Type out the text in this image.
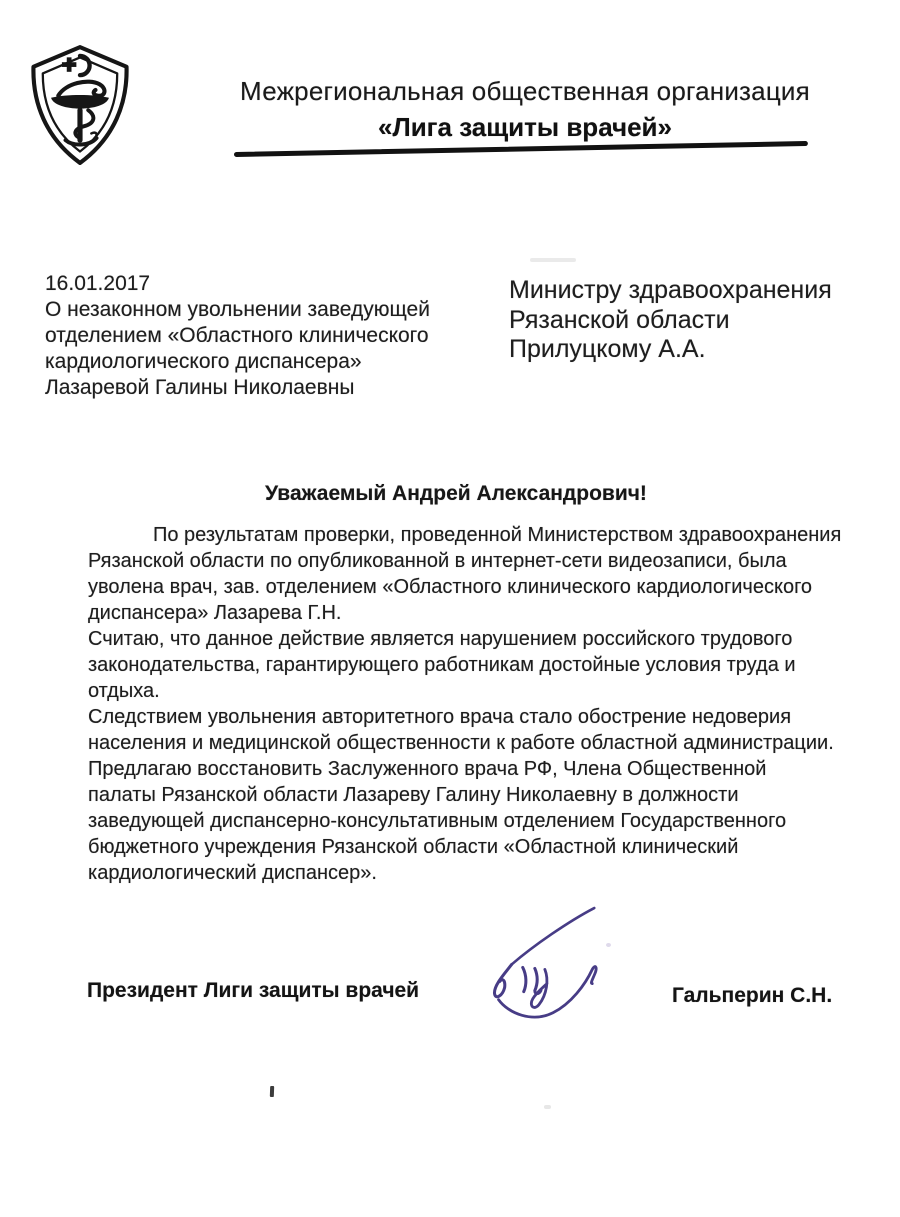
Межрегиональная общественная организация
«Лига защиты врачей»
16.01.2017
О незаконном увольнении заведующей
отделением «Областного клинического
кардиологического диспансера»
Лазаревой Галины Николаевны
Министру здравоохранения
Рязанской области
Прилуцкому А.А.
Уважаемый Андрей Александрович!
По результатам проверки, проведенной Министерством здравоохранения
Рязанской области по опубликованной в интернет-сети видеозаписи, была
уволена врач, зав. отделением «Областного клинического кардиологического
диспансера» Лазарева Г.Н.
Считаю, что данное действие является нарушением российского трудового
законодательства, гарантирующего работникам достойные условия труда и
отдыха.
Следствием увольнения авторитетного врача стало обострение недоверия
населения и медицинской общественности к работе областной администрации.
Предлагаю восстановить Заслуженного врача РФ, Члена Общественной
палаты Рязанской области Лазареву Галину Николаевну в должности
заведующей диспансерно-консультативным отделением Государственного
бюджетного учреждения Рязанской области «Областной клинический
кардиологический диспансер».
Президент Лиги защиты врачей	Гальперин С.Н.
